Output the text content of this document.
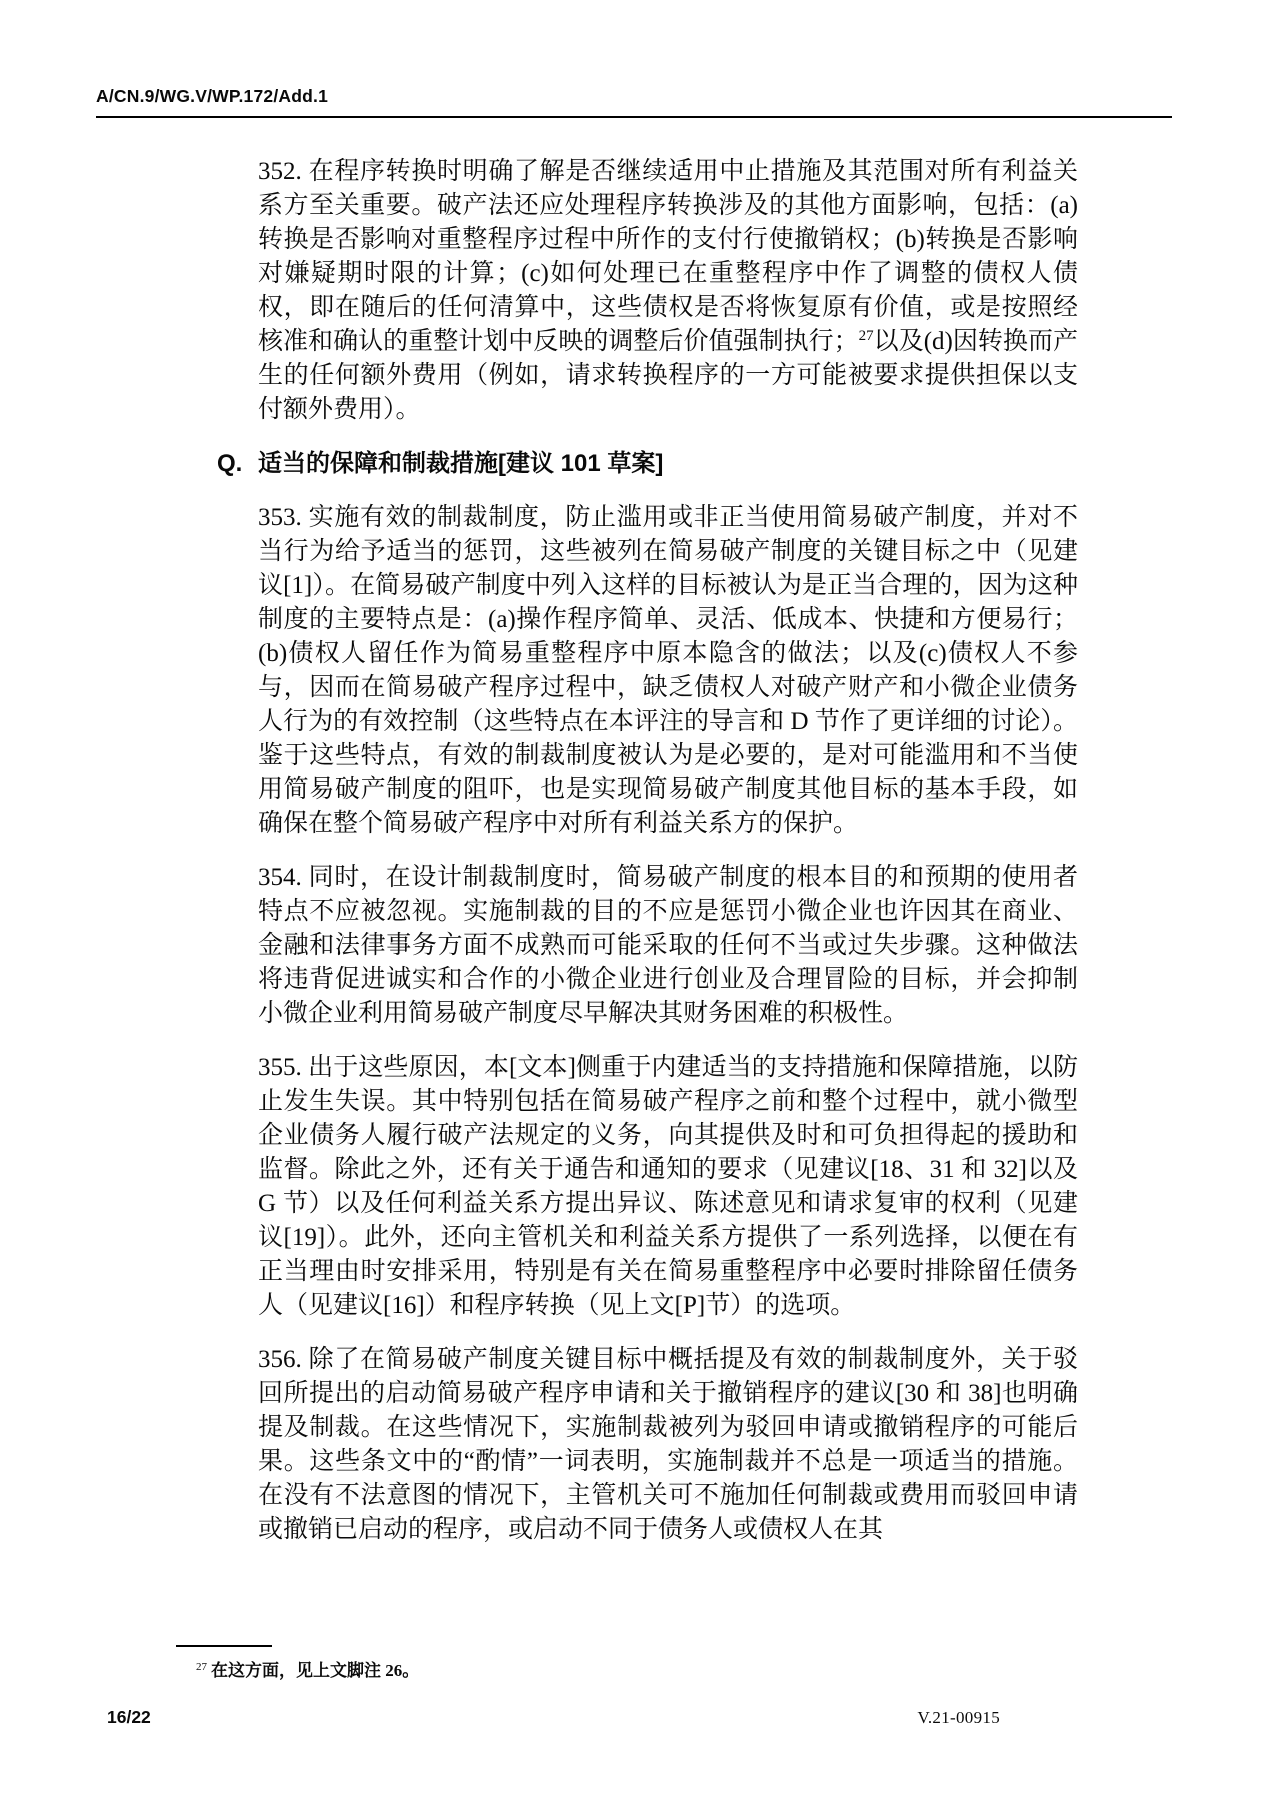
A/CN.9/WG.V/WP.172/Add.1

352. 在程序转换时明确了解是否继续适用中止措施及其范围对所有利益关系方至关重要。破产法还应处理程序转换涉及的其他方面影响，包括：(a)转换是否影响对重整程序过程中所作的支付行使撤销权；(b)转换是否影响对嫌疑期时限的计算；(c)如何处理已在重整程序中作了调整的债权人债权，即在随后的任何清算中，这些债权是否将恢复原有价值，或是按照经核准和确认的重整计划中反映的调整后价值强制执行；$^{27}$以及(d)因转换而产生的任何额外费用（例如，请求转换程序的一方可能被要求提供担保以支付额外费用）。

Q. 适当的保障和制裁措施[建议 101 草案]

353. 实施有效的制裁制度，防止滥用或非正当使用简易破产制度，并对不当行为给予适当的惩罚，这些被列在简易破产制度的关键目标之中（见建议[1]）。在简易破产制度中列入这样的目标被认为是正当合理的，因为这种制度的主要特点是：(a)操作程序简单、灵活、低成本、快捷和方便易行；(b)债权人留任作为简易重整程序中原本隐含的做法；以及(c)债权人不参与，因而在简易破产程序过程中，缺乏债权人对破产财产和小微企业债务人行为的有效控制（这些特点在本评注的导言和 D 节作了更详细的讨论）。鉴于这些特点，有效的制裁制度被认为是必要的，是对可能滥用和不当使用简易破产制度的阻吓，也是实现简易破产制度其他目标的基本手段，如确保在整个简易破产程序中对所有利益关系方的保护。

354. 同时，在设计制裁制度时，简易破产制度的根本目的和预期的使用者特点不应被忽视。实施制裁的目的不应是惩罚小微企业也许因其在商业、金融和法律事务方面不成熟而可能采取的任何不当或过失步骤。这种做法将违背促进诚实和合作的小微企业进行创业及合理冒险的目标，并会抑制小微企业利用简易破产制度尽早解决其财务困难的积极性。

355. 出于这些原因，本[文本]侧重于内建适当的支持措施和保障措施，以防止发生失误。其中特别包括在简易破产程序之前和整个过程中，就小微型企业债务人履行破产法规定的义务，向其提供及时和可负担得起的援助和监督。除此之外，还有关于通告和通知的要求（见建议[18、31 和 32]以及 G 节）以及任何利益关系方提出异议、陈述意见和请求复审的权利（见建议[19]）。此外，还向主管机关和利益关系方提供了一系列选择，以便在有正当理由时安排采用，特别是有关在简易重整程序中必要时排除留任债务人（见建议[16]）和程序转换（见上文[P]节）的选项。

356. 除了在简易破产制度关键目标中概括提及有效的制裁制度外，关于驳回所提出的启动简易破产程序申请和关于撤销程序的建议[30 和 38]也明确提及制裁。在这些情况下，实施制裁被列为驳回申请或撤销程序的可能后果。这些条文中的“酌情”一词表明，实施制裁并不总是一项适当的措施。在没有不法意图的情况下，主管机关可不施加任何制裁或费用而驳回申请或撤销已启动的程序，或启动不同于债务人或债权人在其

$^{27}$ 在这方面，见上文脚注 26。
16/22	V.21-00915
